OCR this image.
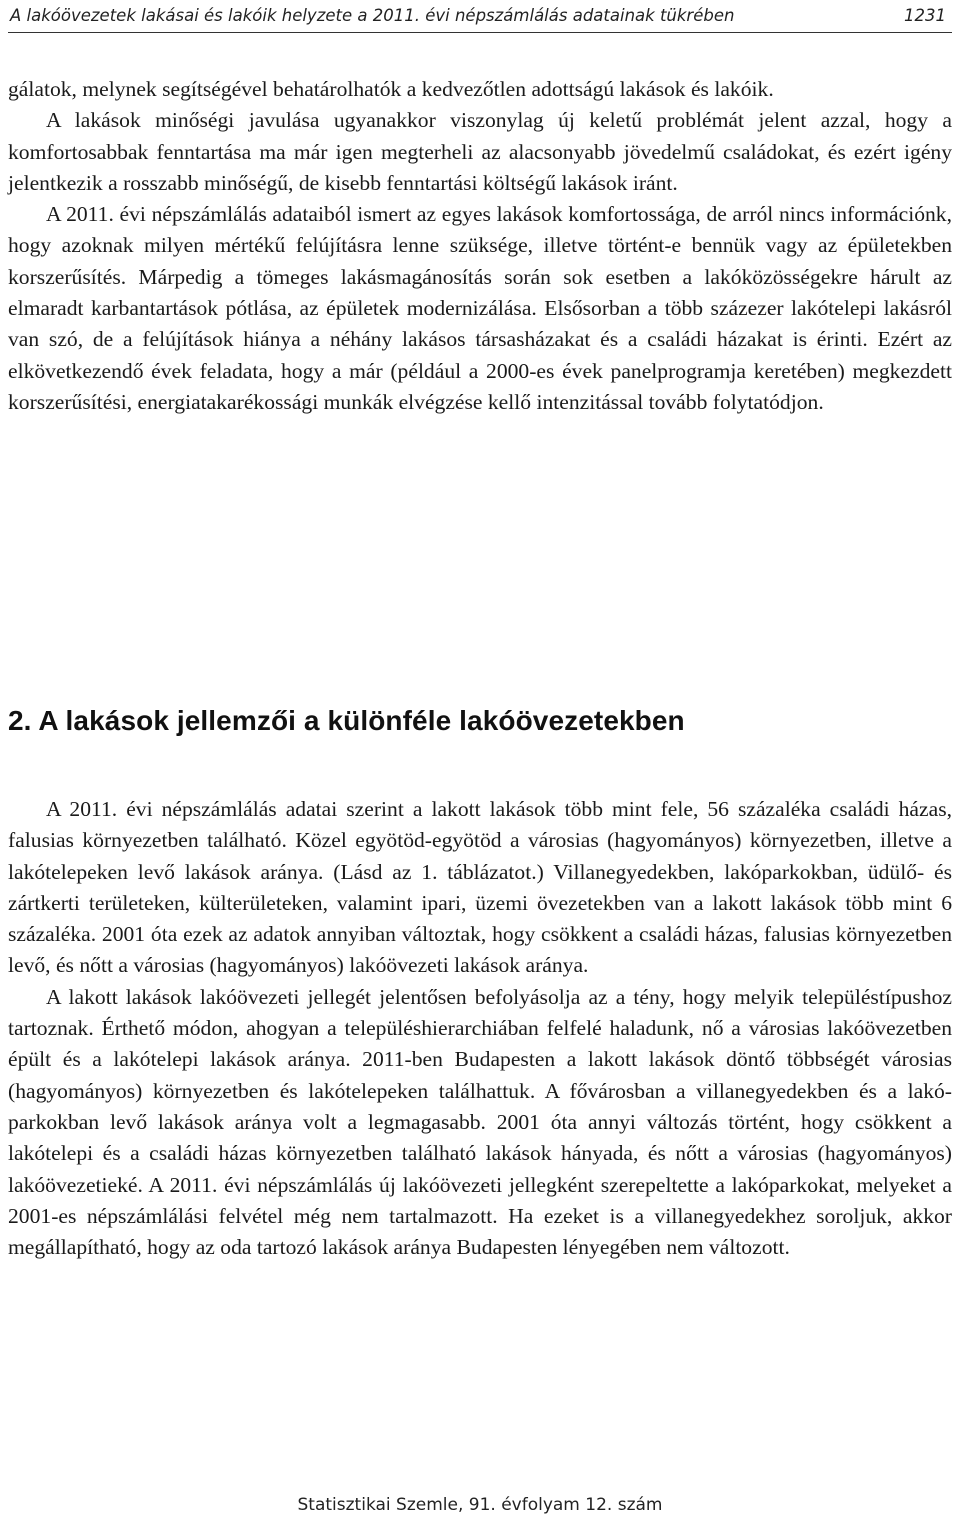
A lakóövezetek lakásai és lakóik helyzete a 2011. évi népszámlálás adatainak tükrében	1231

gálatok, melynek segítségével behatárolhatók a kedvezőtlen adottságú lakások és lakóik.

A lakások minőségi javulása ugyanakkor viszonylag új keletű problémát jelent azzal, hogy a komfortosabbak fenntartása ma már igen megterheli az alacsonyabb jövedelmű családokat, és ezért igény jelentkezik a rosszabb minőségű, de kisebb fenntartási költségű lakások iránt.

A 2011. évi népszámlálás adataiból ismert az egyes lakások komfortossága, de arról nincs információnk, hogy azoknak milyen mértékű felújításra lenne szüksége, illetve történt-e bennük vagy az épületekben korszerűsítés. Márpedig a tömeges lakásmagánosítás során sok esetben a lakóközösségekre hárult az elmaradt karbantartások pótlása, az épületek modernizálása. Elsősorban a több százezer lakótelepi lakásról van szó, de a felújítások hiánya a néhány lakásos társasházakat és a családi házakat is érinti. Ezért az elkövetkezendő évek feladata, hogy a már (például a 2000-es évek panelprogramja keretében) megkezdett korszerűsítési, energiatakarékossági munkák elvégzése kellő intenzitással tovább folytatódjon.

2. A lakások jellemzői a különféle lakóövezetekben

A 2011. évi népszámlálás adatai szerint a lakott lakások több mint fele, 56 százaléka családi házas, falusias környezetben található. Közel egyötöd-egyötöd a városias (hagyományos) környezetben, illetve a lakótelepeken levő lakások aránya. (Lásd az 1. táblázatot.) Villanegyedekben, lakóparkokban, üdülő- és zártkerti területeken, külterületeken, valamint ipari, üzemi övezetekben van a lakott lakások több mint 6 százaléka. 2001 óta ezek az adatok annyiban változtak, hogy csökkent a családi házas, falusias környezetben levő, és nőtt a városias (hagyományos) lakóövezeti lakások aránya.

A lakott lakások lakóövezeti jellegét jelentősen befolyásolja az a tény, hogy melyik településtípushoz tartoznak. Érthető módon, ahogyan a településhierarchiában felfelé haladunk, nő a városias lakóövezetben épült és a lakótelepi lakások aránya. 2011-ben Budapesten a lakott lakások döntő többségét városias (hagyományos) környezetben és lakótelepeken találhattuk. A fővárosban a villanegyedekben és a lakóparkokban levő lakások aránya volt a legmagasabb. 2001 óta annyi változás történt, hogy csökkent a lakótelepi és a családi házas környezetben található lakások hányada, és nőtt a városias (hagyományos) lakóövezetieké. A 2011. évi népszámlálás új lakóövezeti jellegként szerepeltette a lakóparkokat, melyeket a 2001-es népszámlálási felvétel még nem tartalmazott. Ha ezeket is a villanegyedekhez soroljuk, akkor megállapítható, hogy az oda tartozó lakások aránya Budapesten lényegében nem változott.

Statisztikai Szemle, 91. évfolyam 12. szám
